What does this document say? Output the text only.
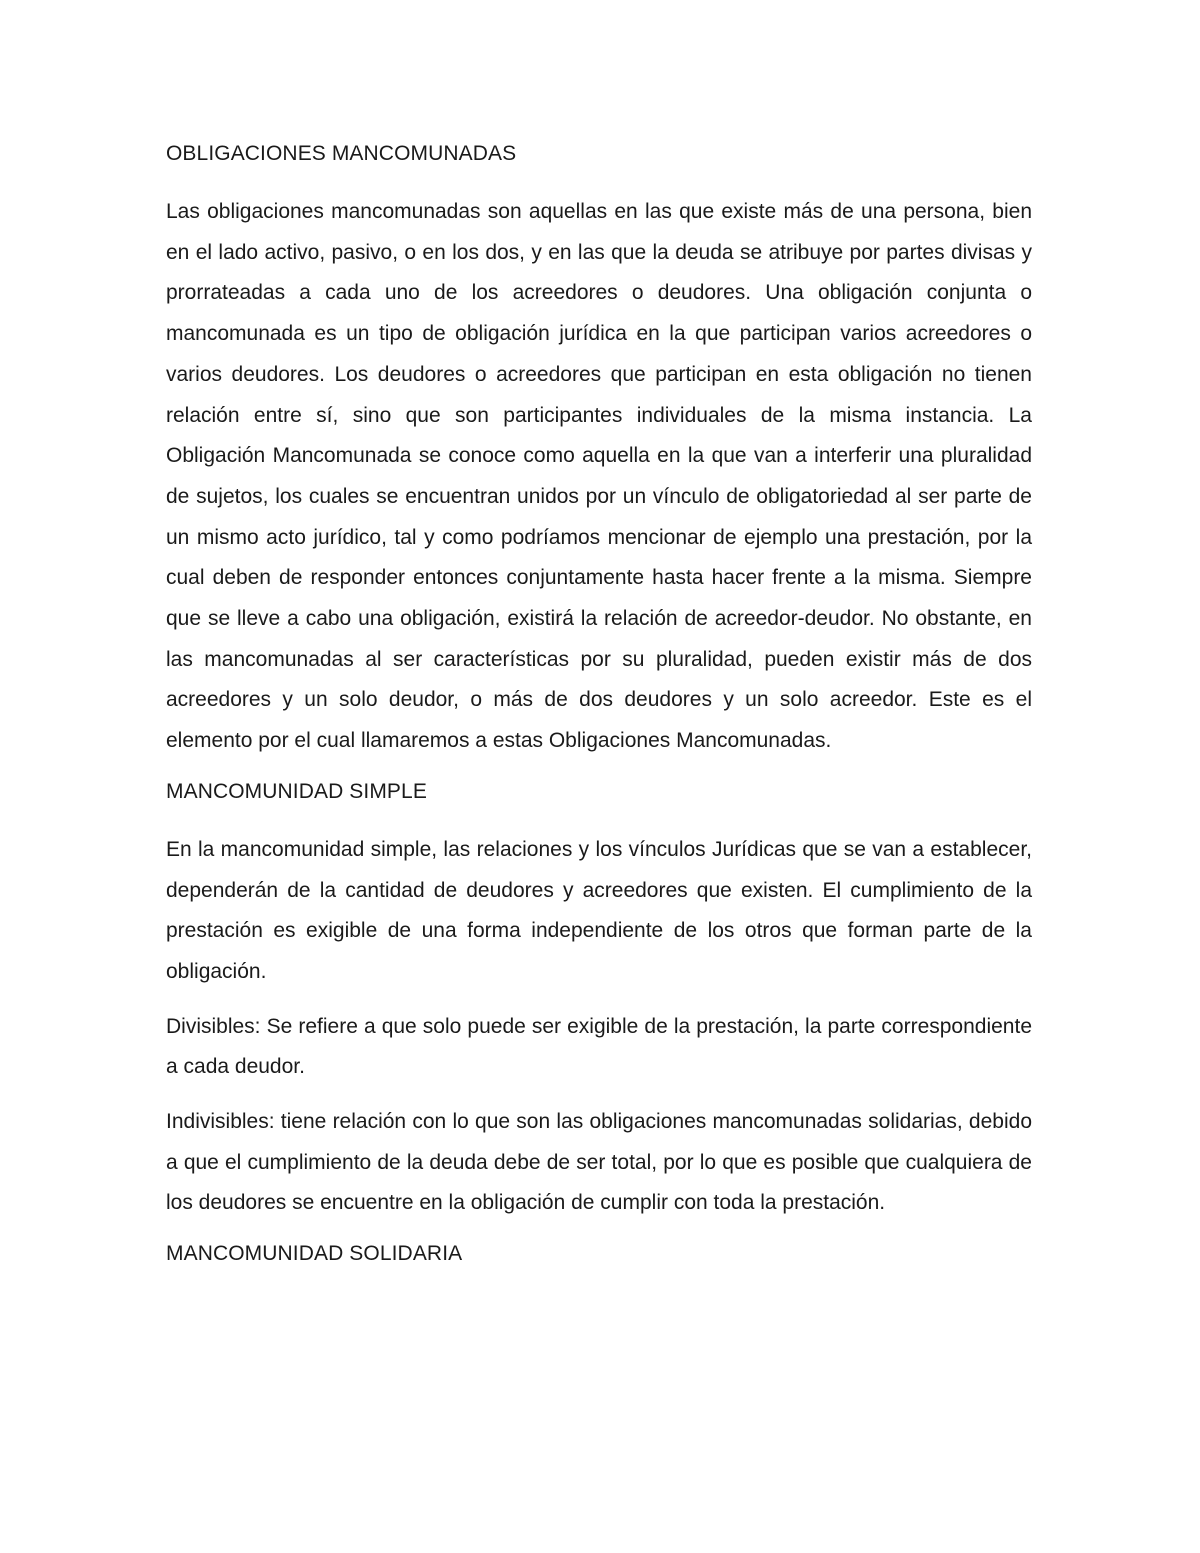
OBLIGACIONES MANCOMUNADAS

Las obligaciones mancomunadas son aquellas en las que existe más de una persona, bien en el lado activo, pasivo, o en los dos, y en las que la deuda se atribuye por partes divisas y prorrateadas a cada uno de los acreedores o deudores. Una obligación conjunta o mancomunada es un tipo de obligación jurídica en la que participan varios acreedores o varios deudores. Los deudores o acreedores que participan en esta obligación no tienen relación entre sí, sino que son participantes individuales de la misma instancia. La Obligación Mancomunada se conoce como aquella en la que van a interferir una pluralidad de sujetos, los cuales se encuentran unidos por un vínculo de obligatoriedad al ser parte de un mismo acto jurídico, tal y como podríamos mencionar de ejemplo una prestación, por la cual deben de responder entonces conjuntamente hasta hacer frente a la misma. Siempre que se lleve a cabo una obligación, existirá la relación de acreedor-deudor. No obstante, en las mancomunadas al ser características por su pluralidad, pueden existir más de dos acreedores y un solo deudor, o más de dos deudores y un solo acreedor. Este es el elemento por el cual llamaremos a estas Obligaciones Mancomunadas.

MANCOMUNIDAD SIMPLE

En la mancomunidad simple, las relaciones y los vínculos Jurídicas que se van a establecer, dependerán de la cantidad de deudores y acreedores que existen. El cumplimiento de la prestación es exigible de una forma independiente de los otros que forman parte de la obligación.

Divisibles: Se refiere a que solo puede ser exigible de la prestación, la parte correspondiente a cada deudor.

Indivisibles: tiene relación con lo que son las obligaciones mancomunadas solidarias, debido a que el cumplimiento de la deuda debe de ser total, por lo que es posible que cualquiera de los deudores se encuentre en la obligación de cumplir con toda la prestación.

MANCOMUNIDAD SOLIDARIA
